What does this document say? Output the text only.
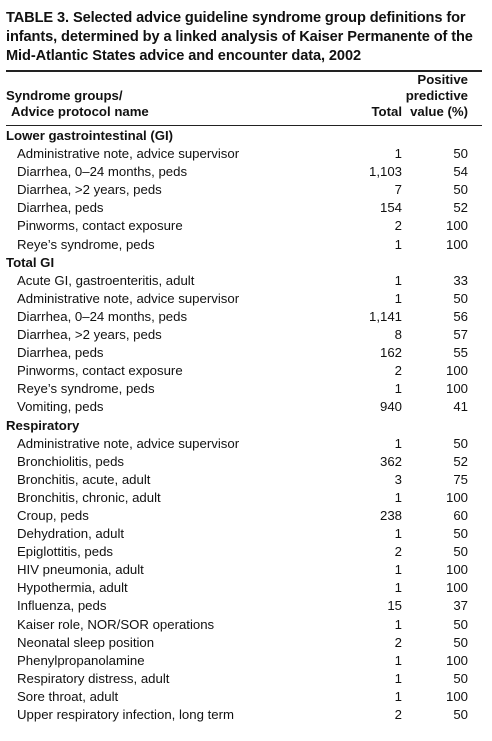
TABLE 3. Selected advice guideline syndrome group definitions for infants, determined by a linked analysis of Kaiser Permanente of the Mid-Atlantic States advice and encounter data, 2002
Syndrome groups/
Advice protocol name	Total
Positive
predictive
value (%)
Lower gastrointestinal (GI)
Administrative note, advice supervisor	1	50
Diarrhea, 0–24 months, peds	1,103	54
Diarrhea, >2 years, peds	7	50
Diarrhea, peds	154	52
Pinworms, contact exposure	2	100
Reye’s syndrome, peds	1	100
Total GI
Acute GI, gastroenteritis, adult	1	33
Administrative note, advice supervisor	1	50
Diarrhea, 0–24 months, peds	1,141	56
Diarrhea, >2 years, peds	8	57
Diarrhea, peds	162	55
Pinworms, contact exposure	2	100
Reye’s syndrome, peds	1	100
Vomiting, peds	940	41
Respiratory
Administrative note, advice supervisor	1	50
Bronchiolitis, peds	362	52
Bronchitis, acute, adult	3	75
Bronchitis, chronic, adult	1	100
Croup, peds	238	60
Dehydration, adult	1	50
Epiglottitis, peds	2	50
HIV pneumonia, adult	1	100
Hypothermia, adult	1	100
Influenza, peds	15	37
Kaiser role, NOR/SOR operations	1	50
Neonatal sleep position	2	50
Phenylpropanolamine	1	100
Respiratory distress, adult	1	50
Sore throat, adult	1	100
Upper respiratory infection, long term	2	50
